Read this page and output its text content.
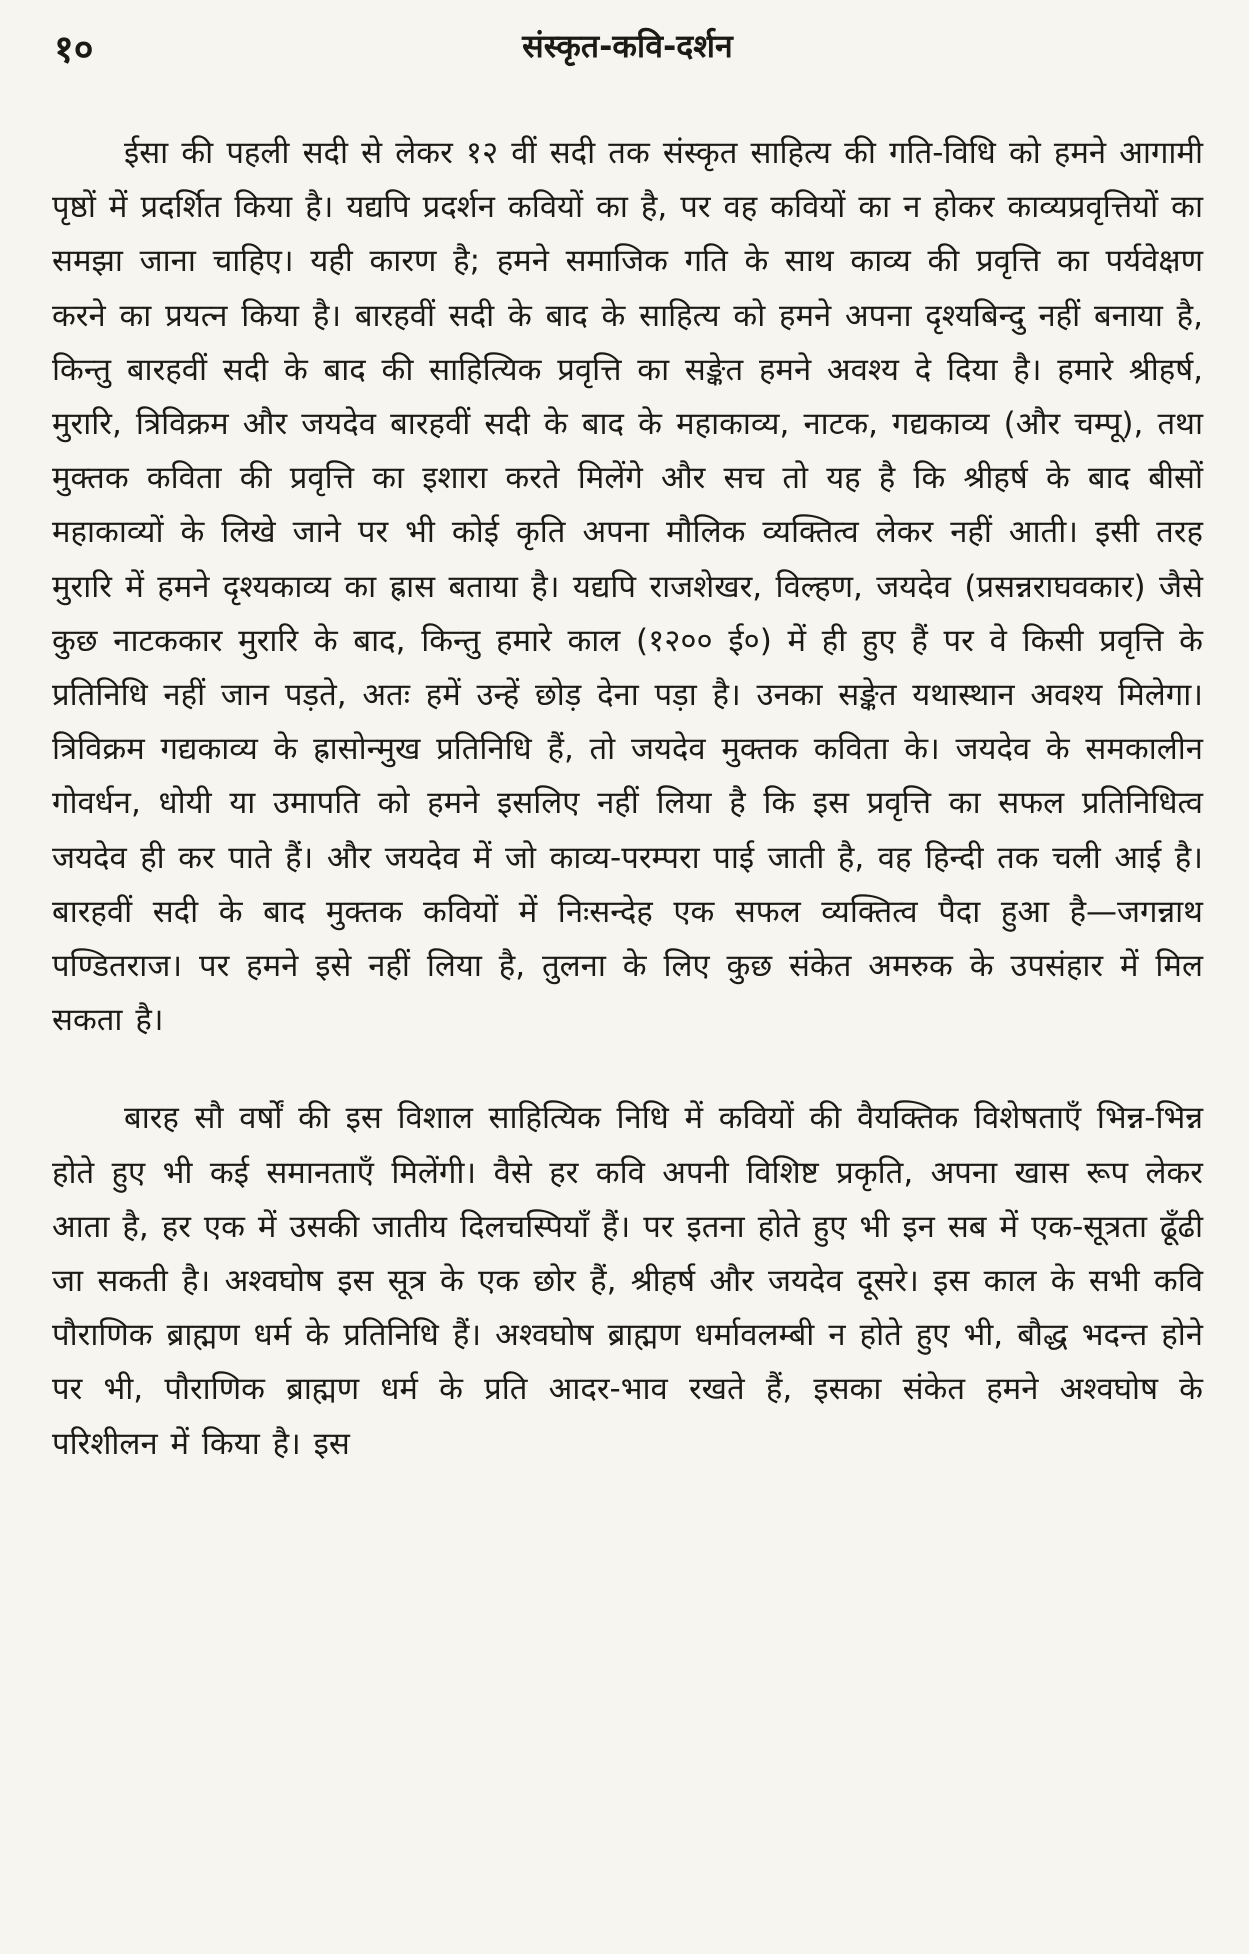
१०	संस्कृत-कवि-दर्शन

ईसा की पहली सदी से लेकर १२ वीं सदी तक संस्कृत साहित्य की गति-विधि को हमने आगामी पृष्ठों में प्रदर्शित किया है। यद्यपि प्रदर्शन कवियों का है, पर वह कवियों का न होकर काव्यप्रवृत्तियों का समझा जाना चाहिए। यही कारण है; हमने समाजिक गति के साथ काव्य की प्रवृत्ति का पर्यवेक्षण करने का प्रयत्न किया है। बारहवीं सदी के बाद के साहित्य को हमने अपना दृश्यबिन्दु नहीं बनाया है, किन्तु बारहवीं सदी के बाद की साहित्यिक प्रवृत्ति का सङ्केत हमने अवश्य दे दिया है। हमारे श्रीहर्ष, मुरारि, त्रिविक्रम और जयदेव बारहवीं सदी के बाद के महाकाव्य, नाटक, गद्यकाव्य (और चम्पू), तथा मुक्तक कविता की प्रवृत्ति का इशारा करते मिलेंगे और सच तो यह है कि श्रीहर्ष के बाद बीसों महाकाव्यों के लिखे जाने पर भी कोई कृति अपना मौलिक व्यक्तित्व लेकर नहीं आती। इसी तरह मुरारि में हमने दृश्यकाव्य का ह्रास बताया है। यद्यपि राजशेखर, विल्हण, जयदेव (प्रसन्नराघवकार) जैसे कुछ नाटककार मुरारि के बाद, किन्तु हमारे काल (१२०० ई०) में ही हुए हैं पर वे किसी प्रवृत्ति के प्रतिनिधि नहीं जान पड़ते, अतः हमें उन्हें छोड़ देना पड़ा है। उनका सङ्केत यथास्थान अवश्य मिलेगा। त्रिविक्रम गद्यकाव्य के ह्रासोन्मुख प्रतिनिधि हैं, तो जयदेव मुक्तक कविता के। जयदेव के समकालीन गोवर्धन, धोयी या उमापति को हमने इसलिए नहीं लिया है कि इस प्रवृत्ति का सफल प्रतिनिधित्व जयदेव ही कर पाते हैं। और जयदेव में जो काव्य-परम्परा पाई जाती है, वह हिन्दी तक चली आई है। बारहवीं सदी के बाद मुक्तक कवियों में निःसन्देह एक सफल व्यक्तित्व पैदा हुआ है—जगन्नाथ पण्डितराज। पर हमने इसे नहीं लिया है, तुलना के लिए कुछ संकेत अमरुक के उपसंहार में मिल सकता है।

बारह सौ वर्षों की इस विशाल साहित्यिक निधि में कवियों की वैयक्तिक विशेषताएँ भिन्न-भिन्न होते हुए भी कई समानताएँ मिलेंगी। वैसे हर कवि अपनी विशिष्ट प्रकृति, अपना खास रूप लेकर आता है, हर एक में उसकी जातीय दिलचस्पियाँ हैं। पर इतना होते हुए भी इन सब में एक-सूत्रता ढूँढी जा सकती है। अश्वघोष इस सूत्र के एक छोर हैं, श्रीहर्ष और जयदेव दूसरे। इस काल के सभी कवि पौराणिक ब्राह्मण धर्म के प्रतिनिधि हैं। अश्वघोष ब्राह्मण धर्मावलम्बी न होते हुए भी, बौद्ध भदन्त होने पर भी, पौराणिक ब्राह्मण धर्म के प्रति आदर-भाव रखते हैं, इसका संकेत हमने अश्वघोष के परिशीलन में किया है। इस
